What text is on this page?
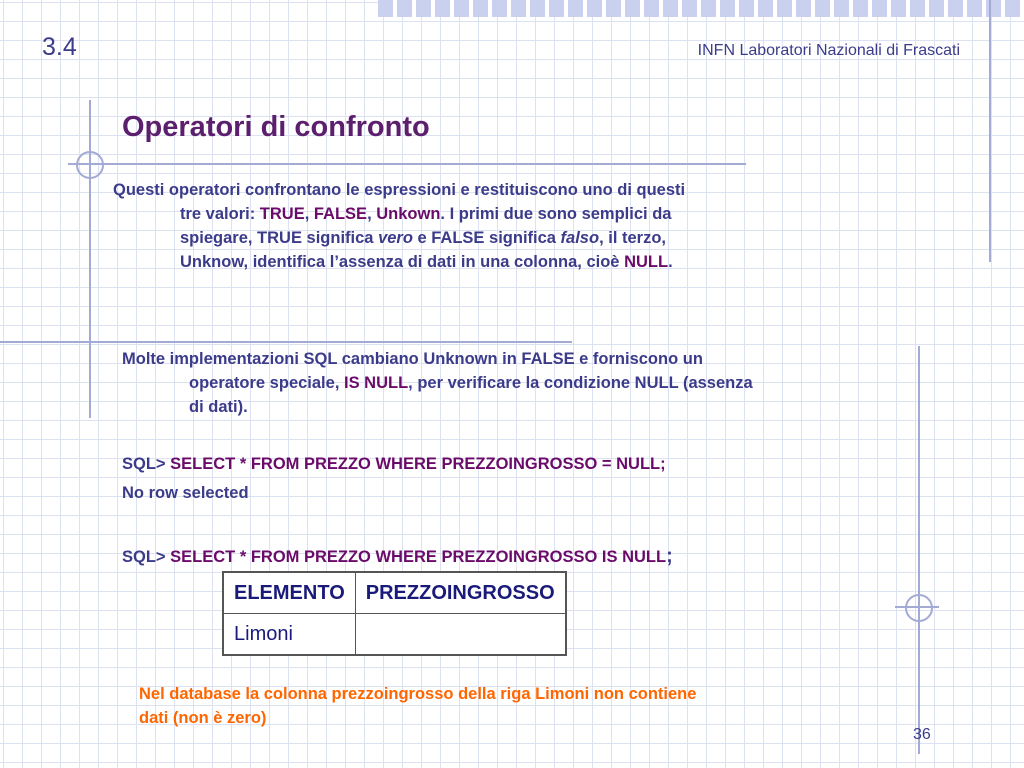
3.4	INFN Laboratori Nazionali di Frascati
Operatori di confronto
Questi operatori confrontano le espressioni e restituiscono uno di questi
tre valori: TRUE, FALSE, Unkown. I primi due sono semplici da
spiegare, TRUE significa vero e FALSE significa falso, il terzo,
Unknow, identifica l’assenza di dati in una colonna, cioè NULL.
Molte implementazioni SQL cambiano Unknown in FALSE e forniscono un
operatore speciale, IS NULL, per verificare la condizione NULL (assenza
di dati).
SQL> SELECT * FROM PREZZO WHERE PREZZOINGROSSO = NULL;
No row selected
SQL> SELECT * FROM PREZZO WHERE PREZZOINGROSSO IS NULL;
ELEMENTO	PREZZOINGROSSO
Limoni	
Nel database la colonna prezzoingrosso della riga Limoni non contiene
dati (non è zero)
36
